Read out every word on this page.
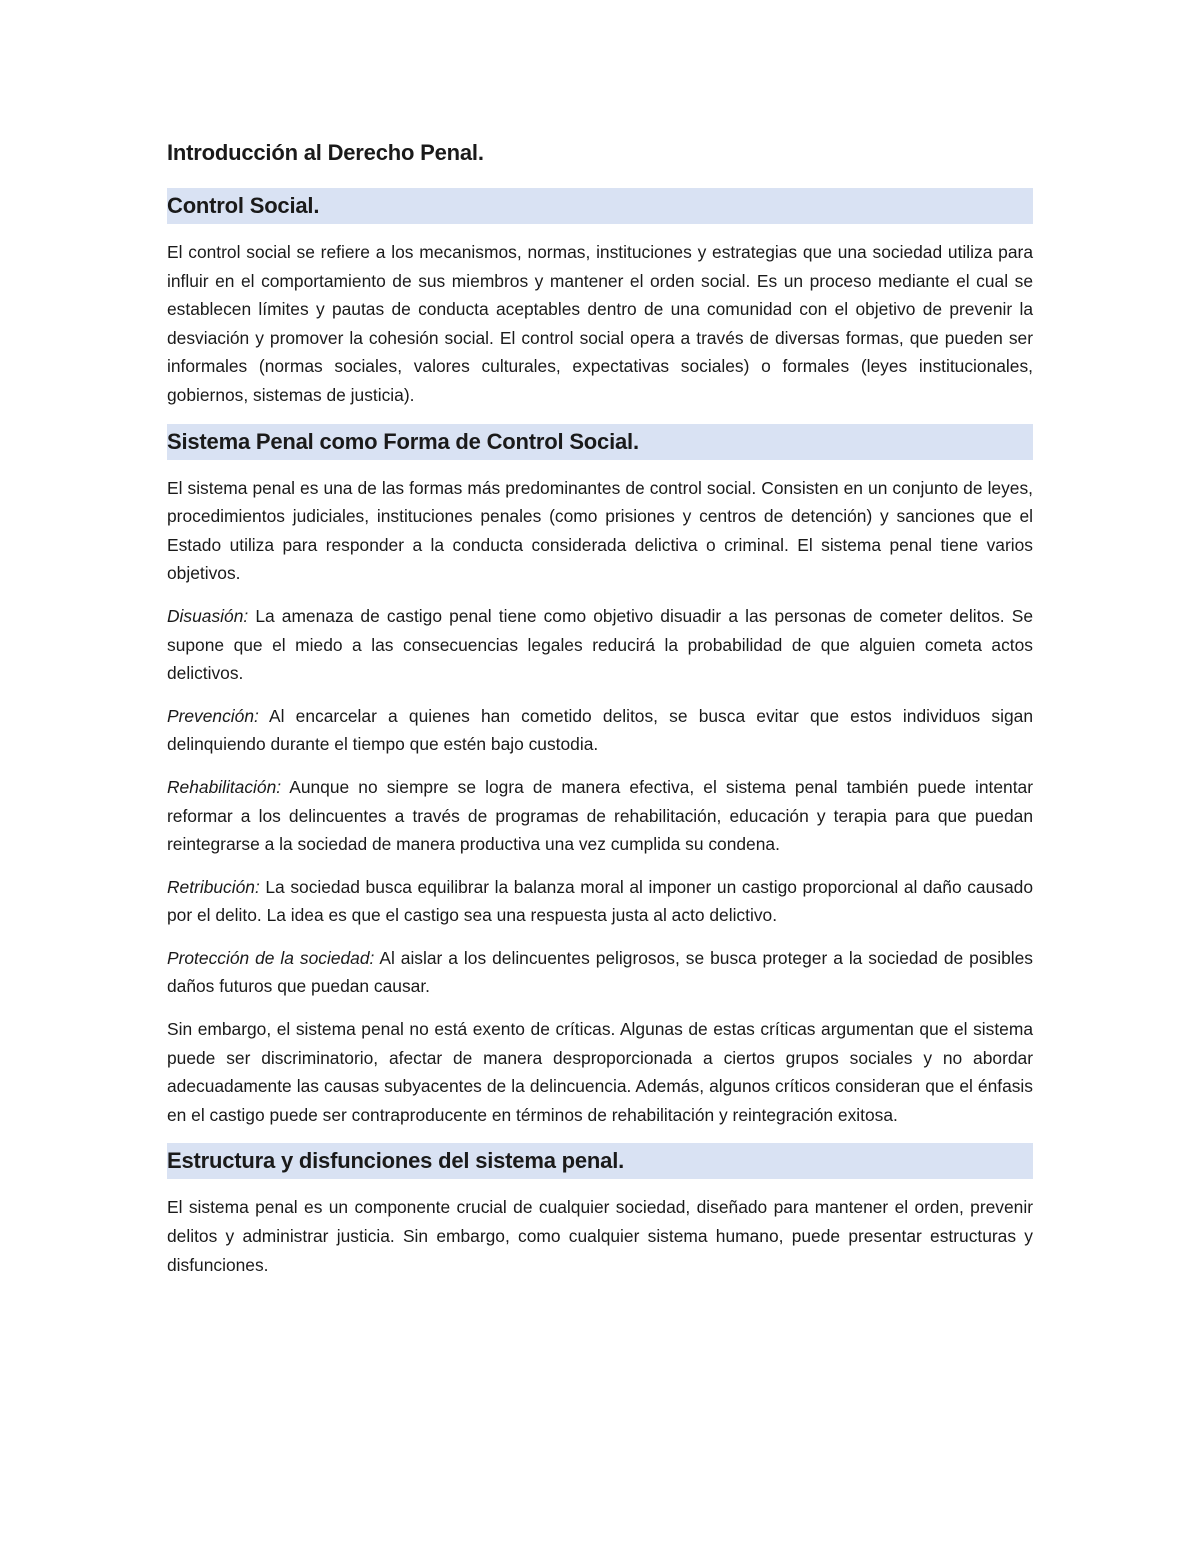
Introducción al Derecho Penal.
Control Social.

El control social se refiere a los mecanismos, normas, instituciones y estrategias que una sociedad utiliza para influir en el comportamiento de sus miembros y mantener el orden social. Es un proceso mediante el cual se establecen límites y pautas de conducta aceptables dentro de una comunidad con el objetivo de prevenir la desviación y promover la cohesión social. El control social opera a través de diversas formas, que pueden ser informales (normas sociales, valores culturales, expectativas sociales) o formales (leyes institucionales, gobiernos, sistemas de justicia).

Sistema Penal como Forma de Control Social.

El sistema penal es una de las formas más predominantes de control social. Consisten en un conjunto de leyes, procedimientos judiciales, instituciones penales (como prisiones y centros de detención) y sanciones que el Estado utiliza para responder a la conducta considerada delictiva o criminal. El sistema penal tiene varios objetivos.

Disuasión: La amenaza de castigo penal tiene como objetivo disuadir a las personas de cometer delitos. Se supone que el miedo a las consecuencias legales reducirá la probabilidad de que alguien cometa actos delictivos.

Prevención: Al encarcelar a quienes han cometido delitos, se busca evitar que estos individuos sigan delinquiendo durante el tiempo que estén bajo custodia.

Rehabilitación: Aunque no siempre se logra de manera efectiva, el sistema penal también puede intentar reformar a los delincuentes a través de programas de rehabilitación, educación y terapia para que puedan reintegrarse a la sociedad de manera productiva una vez cumplida su condena.

Retribución: La sociedad busca equilibrar la balanza moral al imponer un castigo proporcional al daño causado por el delito. La idea es que el castigo sea una respuesta justa al acto delictivo.

Protección de la sociedad: Al aislar a los delincuentes peligrosos, se busca proteger a la sociedad de posibles daños futuros que puedan causar.

Sin embargo, el sistema penal no está exento de críticas. Algunas de estas críticas argumentan que el sistema puede ser discriminatorio, afectar de manera desproporcionada a ciertos grupos sociales y no abordar adecuadamente las causas subyacentes de la delincuencia. Además, algunos críticos consideran que el énfasis en el castigo puede ser contraproducente en términos de rehabilitación y reintegración exitosa.

Estructura y disfunciones del sistema penal.

El sistema penal es un componente crucial de cualquier sociedad, diseñado para mantener el orden, prevenir delitos y administrar justicia. Sin embargo, como cualquier sistema humano, puede presentar estructuras y disfunciones.
